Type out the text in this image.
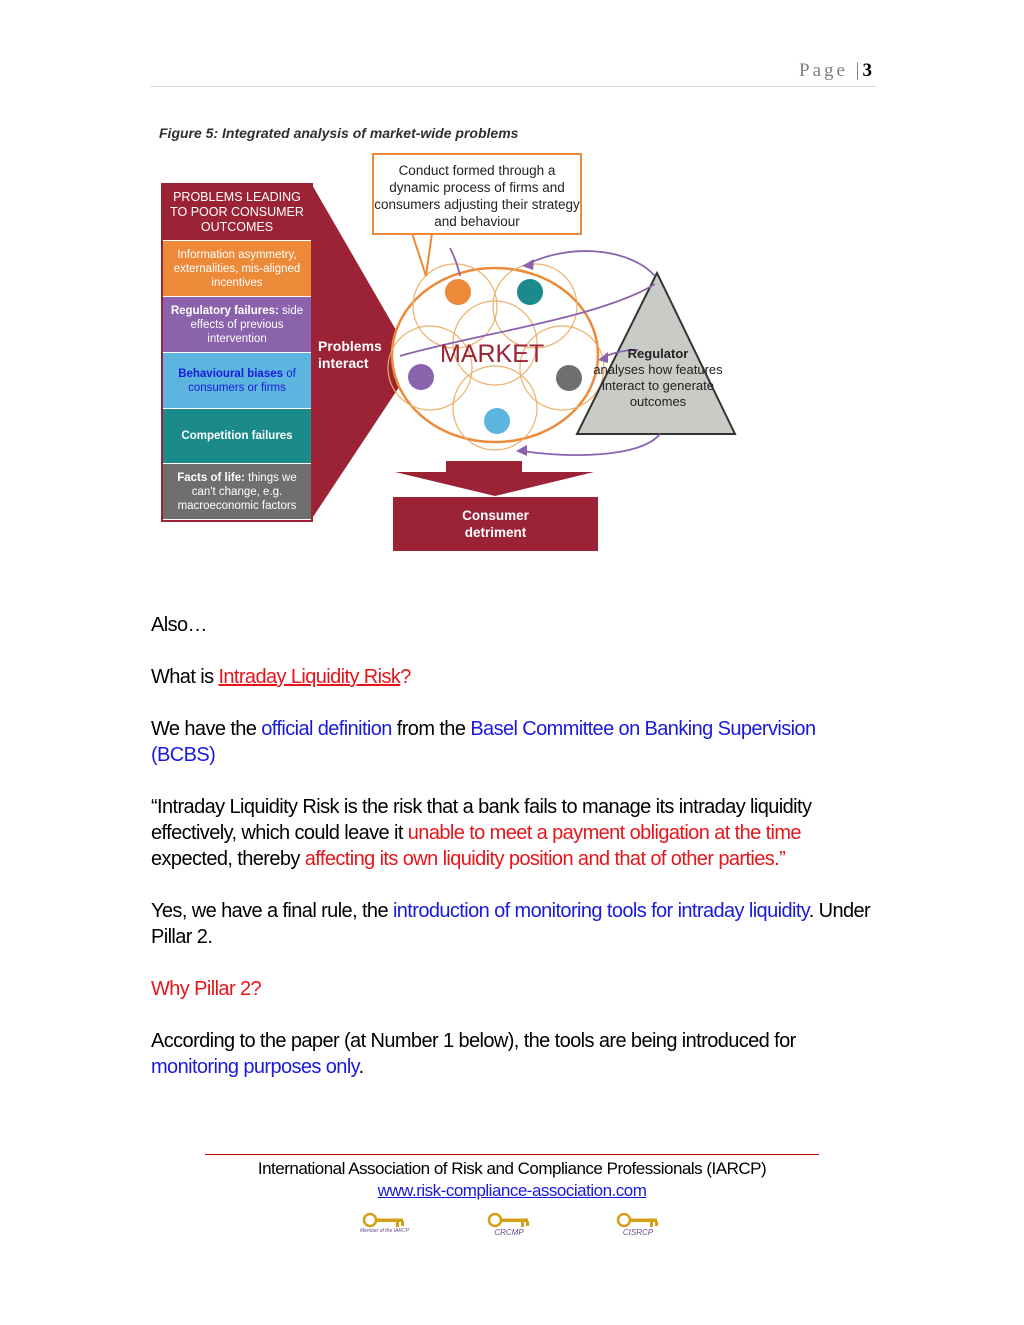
Page |3
Figure 5: Integrated analysis of market-wide problems
Conduct formed through a dynamic process of firms and consumers adjusting their strategy and behaviour
PROBLEMS LEADING TO POOR CONSUMER OUTCOMES
Information asymmetry, externalities, mis-aligned incentives
Regulatory failures: side effects of previous intervention
Behavioural biases of consumers or firms
Competition failures
Facts of life: things we can't change, e.g. macroeconomic factors
Problems interact	MARKET	Regulator
analyses how features interact to generate outcomes
Consumer detriment

Also…

What is Intraday Liquidity Risk?

We have the official definition from the Basel Committee on Banking Supervision (BCBS)

“Intraday Liquidity Risk is the risk that a bank fails to manage its intraday liquidity effectively, which could leave it unable to meet a payment obligation at the time expected, thereby affecting its own liquidity position and that of other parties.”

Yes, we have a final rule, the introduction of monitoring tools for intraday liquidity. Under Pillar 2.

Why Pillar 2?

According to the paper (at Number 1 below), the tools are being introduced for monitoring purposes only.

International Association of Risk and Compliance Professionals (IARCP)
www.risk-compliance-association.com
Member of the IARCP	CRCMP	CISRCP
